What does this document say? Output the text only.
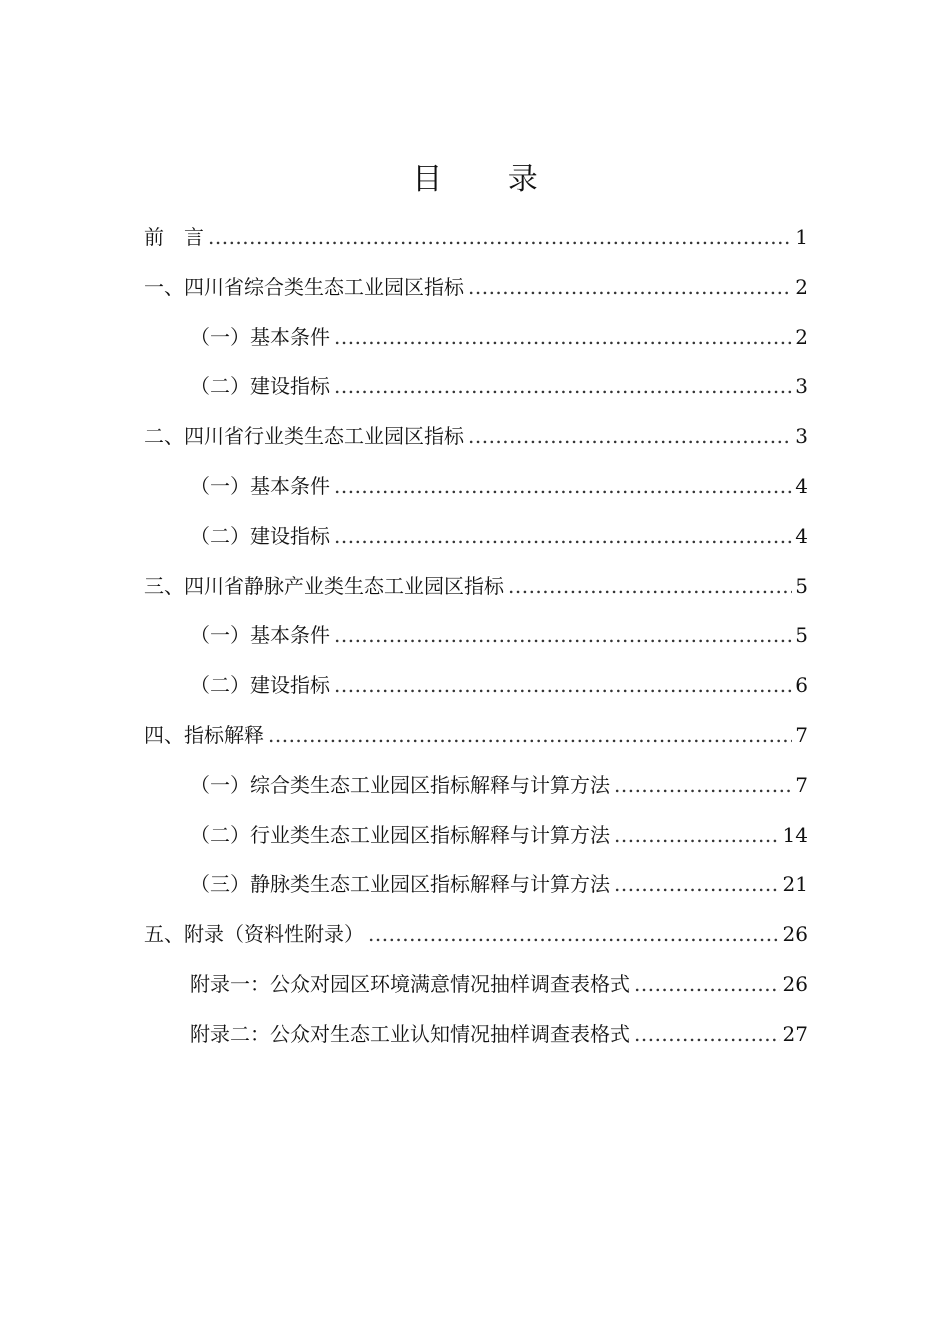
目 录
前　言 .....	1
一、四川省综合类生态工业园区指标 .....	2
（一）基本条件 .....	2
（二）建设指标 .....	3
二、四川省行业类生态工业园区指标 .....	3
（一）基本条件 .....	4
（二）建设指标 .....	4
三、四川省静脉产业类生态工业园区指标 .....	5
（一）基本条件 .....	5
（二）建设指标 .....	6
四、指标解释 .....	7
（一）综合类生态工业园区指标解释与计算方法 .....	7
（二）行业类生态工业园区指标解释与计算方法 .....	14
（三）静脉类生态工业园区指标解释与计算方法 .....	21
五、附录（资料性附录） .....	26
附录一：公众对园区环境满意情况抽样调查表格式 .....	26
附录二：公众对生态工业认知情况抽样调查表格式 .....	27
